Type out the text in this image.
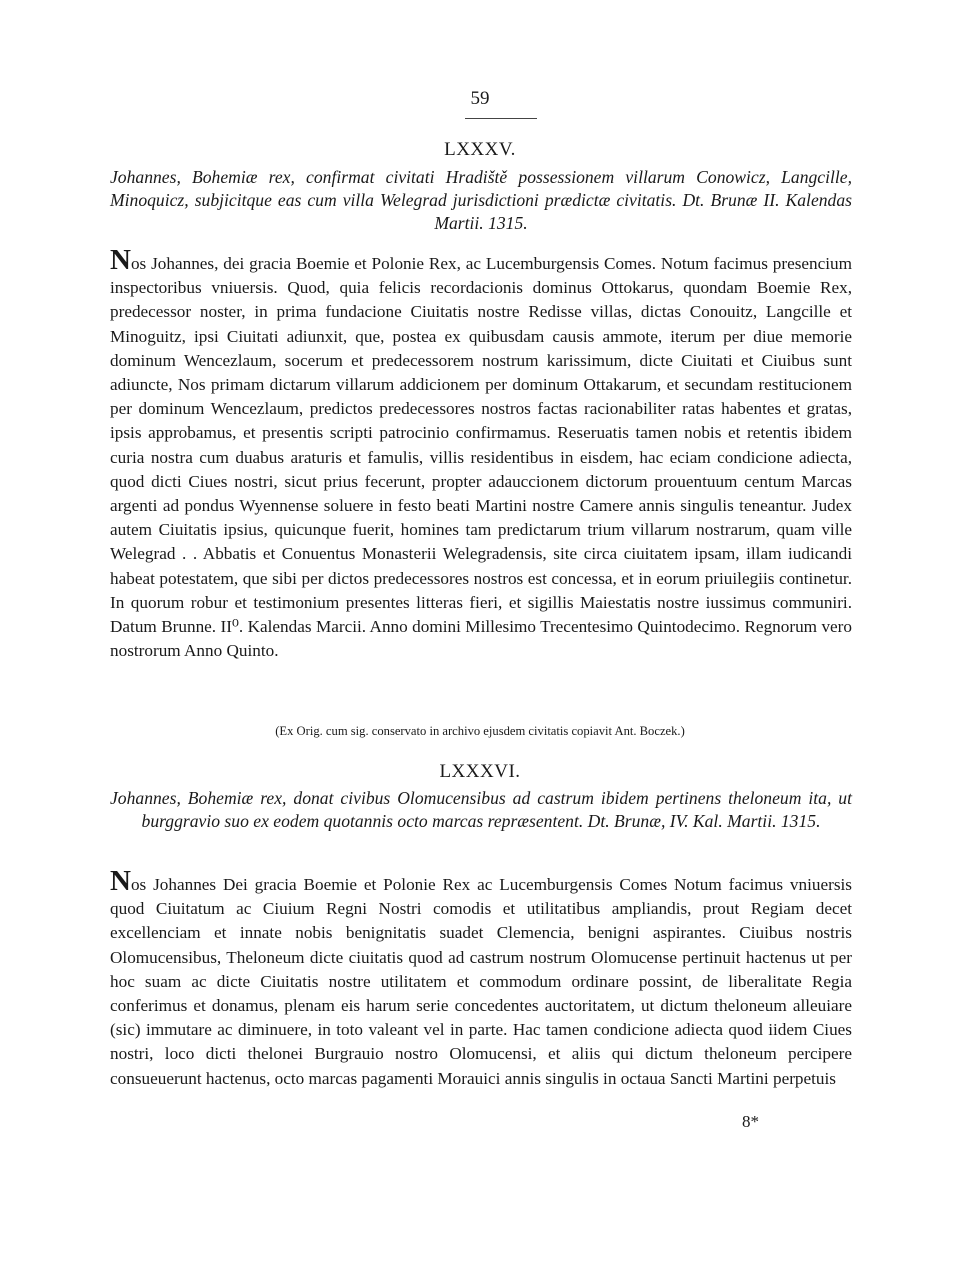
59
LXXXV.
Johannes, Bohemiæ rex, confirmat civitati Hradiště possessionem villarum Conowicz, Langcille, Minoquicz, subjicitque eas cum villa Welegrad jurisdictioni prædictæ civitatis. Dt. Brunæ II. Kalendas Martii. 1315.
Nos Johannes, dei gracia Boemie et Polonie Rex, ac Lucemburgensis Comes. Notum facimus presencium inspectoribus vniuersis. Quod, quia felicis recordacionis dominus Ottokarus, quondam Boemie Rex, predecessor noster, in prima fundacione Ciuitatis nostre Redisse villas, dictas Conouitz, Langcille et Minoguitz, ipsi Ciuitati adiunxit, que, postea ex quibusdam causis ammote, iterum per diue memorie dominum Wencezlaum, socerum et predecessorem nostrum karissimum, dicte Ciuitati et Ciuibus sunt adiuncte, Nos primam dictarum villarum addicionem per dominum Ottakarum, et secundam restitucionem per dominum Wencezlaum, predictos predecessores nostros factas racionabiliter ratas habentes et gratas, ipsis approbamus, et presentis scripti patrocinio confirmamus. Reseruatis tamen nobis et retentis ibidem curia nostra cum duabus araturis et famulis, villis residentibus in eisdem, hac eciam condicione adiecta, quod dicti Ciues nostri, sicut prius fecerunt, propter adauccionem dictorum prouentuum centum Marcas argenti ad pondus Wyennense soluere in festo beati Martini nostre Camere annis singulis teneantur. Judex autem Ciuitatis ipsius, quicunque fuerit, homines tam predictarum trium villarum nostrarum, quam ville Welegrad . . Abbatis et Conuentus Monasterii Welegradensis, site circa ciuitatem ipsam, illam iudicandi habeat potestatem, que sibi per dictos predecessores nostros est concessa, et in eorum priuilegiis continetur. In quorum robur et testimonium presentes litteras fieri, et sigillis Maiestatis nostre iussimus communiri. Datum Brunne. II⁰. Kalendas Marcii. Anno domini Millesimo Trecentesimo Quintodecimo. Regnorum vero nostrorum Anno Quinto.
(Ex Orig. cum sig. conservato in archivo ejusdem civitatis copiavit Ant. Boczek.)
LXXXVI.
Johannes, Bohemiæ rex, donat civibus Olomucensibus ad castrum ibidem pertinens theloneum ita, ut burggravio suo ex eodem quotannis octo marcas repræsentent. Dt. Brunæ, IV. Kal. Martii. 1315.
Nos Johannes Dei gracia Boemie et Polonie Rex ac Lucemburgensis Comes Notum facimus vniuersis quod Ciuitatum ac Ciuium Regni Nostri comodis et utilitatibus ampliandis, prout Regiam decet excellenciam et innate nobis benignitatis suadet Clemencia, benigni aspirantes. Ciuibus nostris Olomucensibus, Theloneum dicte ciuitatis quod ad castrum nostrum Olomucense pertinuit hactenus ut per hoc suam ac dicte Ciuitatis nostre utilitatem et commodum ordinare possint, de liberalitate Regia conferimus et donamus, plenam eis harum serie concedentes auctoritatem, ut dictum theloneum alleuiare (sic) immutare ac diminuere, in toto valeant vel in parte. Hac tamen condicione adiecta quod iidem Ciues nostri, loco dicti thelonei Burgrauio nostro Olomucensi, et aliis qui dictum theloneum percipere consueuerunt hactenus, octo marcas pagamenti Morauici annis singulis in octaua Sancti Martini perpetuis
8*
